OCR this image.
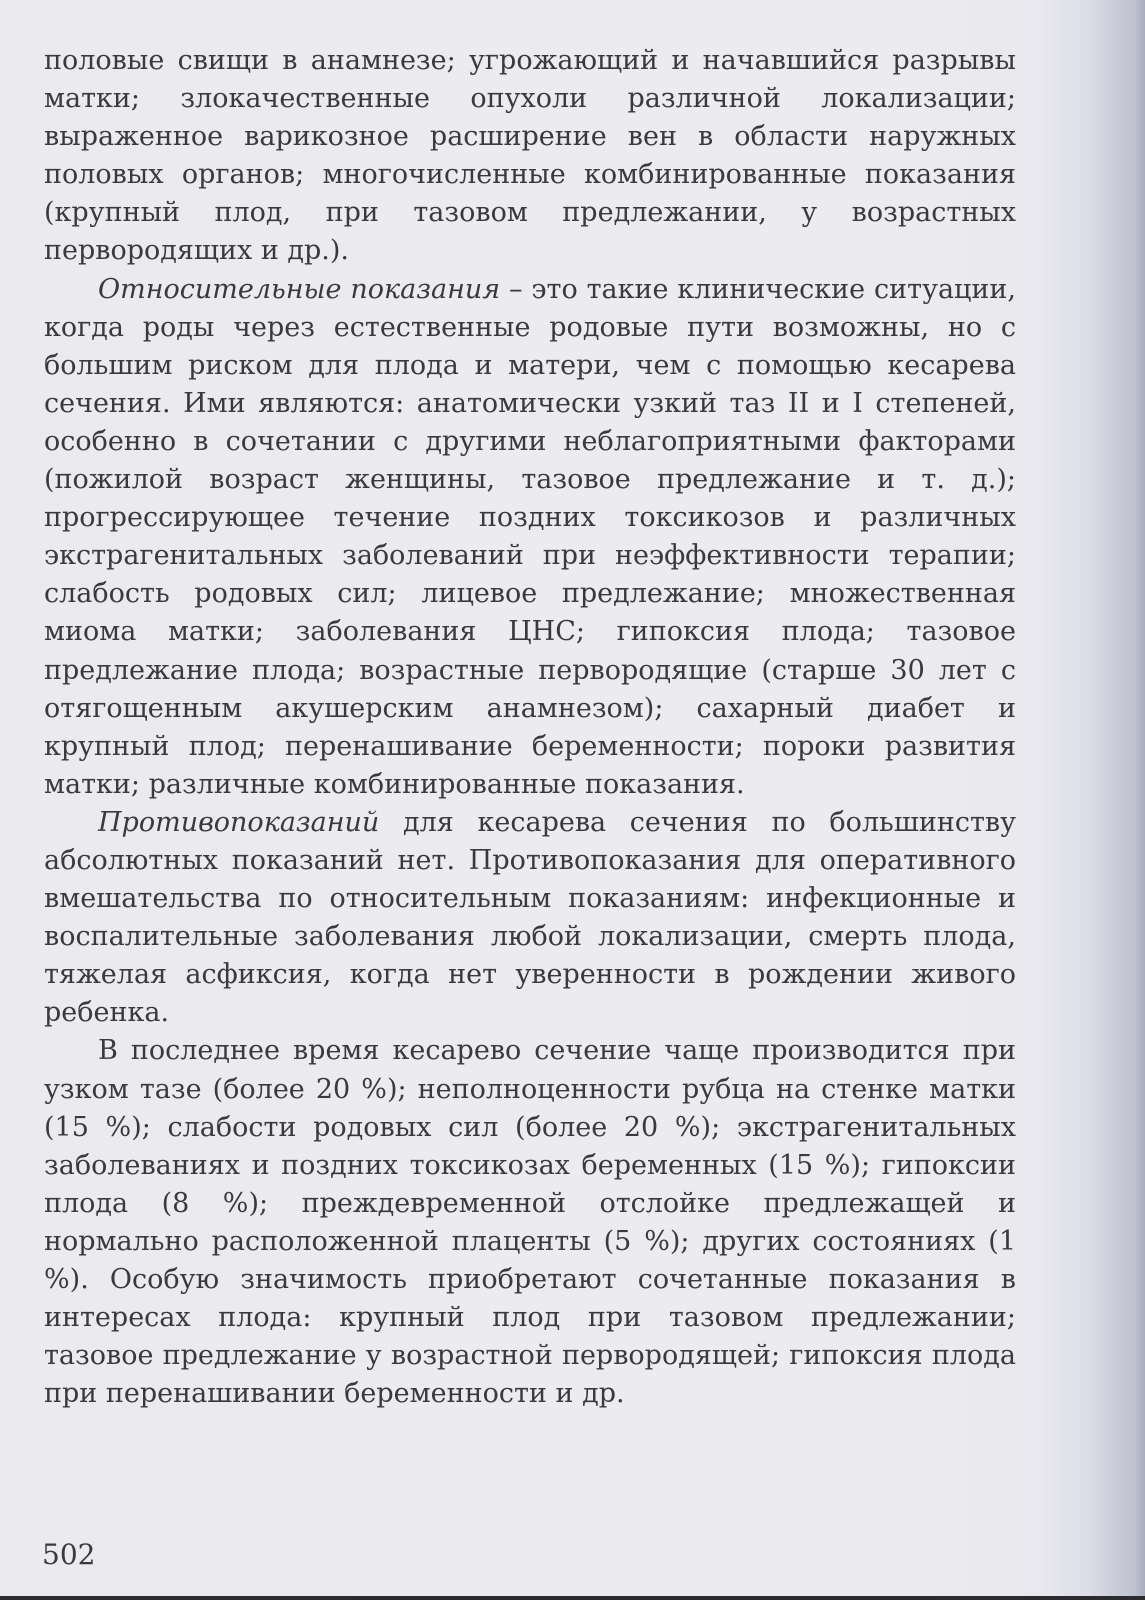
половые свищи в анамнезе; угрожающий и начавшийся разрывы матки; злокачественные опухоли различной локализации; выраженное варикозное расширение вен в области наружных половых органов; многочисленные комбинированные показания (крупный плод, при тазовом предлежании, у возрастных первородящих и др.).

Относительные показания – это такие клинические ситуации, когда роды через естественные родовые пути возможны, но с большим риском для плода и матери, чем с помощью кесарева сечения. Ими являются: анатомически узкий таз II и I степеней, особенно в сочетании с другими неблагоприятными факторами (пожилой возраст женщины, тазовое предлежание и т. д.); прогрессирующее течение поздних токсикозов и различных экстрагенитальных заболеваний при неэффективности терапии; слабость родовых сил; лицевое предлежание; множественная миома матки; заболевания ЦНС; гипоксия плода; тазовое предлежание плода; возрастные первородящие (старше 30 лет с отягощенным акушерским анамнезом); сахарный диабет и крупный плод; перенашивание беременности; пороки развития матки; различные комбинированные показания.

Противопоказаний для кесарева сечения по большинству абсолютных показаний нет. Противопоказания для оперативного вмешательства по относительным показаниям: инфекционные и воспалительные заболевания любой локализации, смерть плода, тяжелая асфиксия, когда нет уверенности в рождении живого ребенка.

В последнее время кесарево сечение чаще производится при узком тазе (более 20 %); неполноценности рубца на стенке матки (15 %); слабости родовых сил (более 20 %); экстрагенитальных заболеваниях и поздних токсикозах беременных (15 %); гипоксии плода (8 %); преждевременной отслойке предлежащей и нормально расположенной плаценты (5 %); других состояниях (1 %). Особую значимость приобретают сочетанные показания в интересах плода: крупный плод при тазовом предлежании; тазовое предлежание у возрастной первородящей; гипоксия плода при перенашивании беременности и др.

502
